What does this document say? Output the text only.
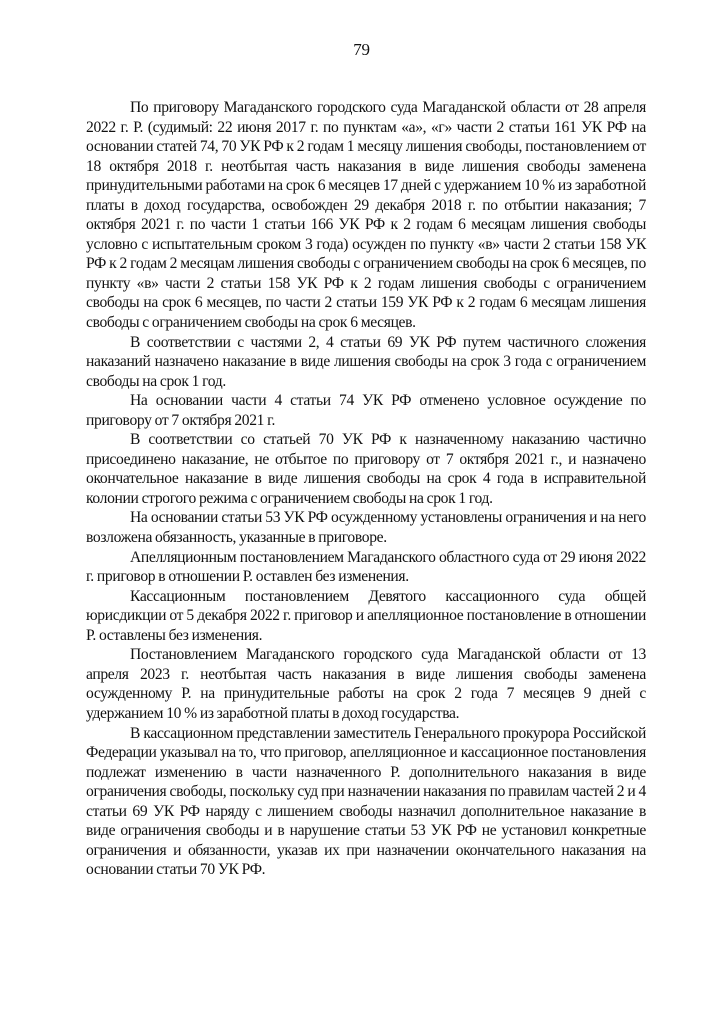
79

По приговору Магаданского городского суда Магаданской области от 28 апреля 2022 г. Р. (судимый: 22 июня 2017 г. по пунктам «а», «г» части 2 статьи 161 УК РФ на основании статей 74, 70 УК РФ к 2 годам 1 месяцу лишения свободы, постановлением от 18 октября 2018 г. неотбытая часть наказания в виде лишения свободы заменена принудительными работами на срок 6 месяцев 17 дней с удержанием 10 % из заработной платы в доход государства, освобожден 29 декабря 2018 г. по отбытии наказания; 7 октября 2021 г. по части 1 статьи 166 УК РФ к 2 годам 6 месяцам лишения свободы условно с испытательным сроком 3 года) осужден по пункту «в» части 2 статьи 158 УК РФ к 2 годам 2 месяцам лишения свободы с ограничением свободы на срок 6 месяцев, по пункту «в» части 2 статьи 158 УК РФ к 2 годам лишения свободы с ограничением свободы на срок 6 месяцев, по части 2 статьи 159 УК РФ к 2 годам 6 месяцам лишения свободы с ограничением свободы на срок 6 месяцев.

В соответствии с частями 2, 4 статьи 69 УК РФ путем частичного сложения наказаний назначено наказание в виде лишения свободы на срок 3 года с ограничением свободы на срок 1 год.

На основании части 4 статьи 74 УК РФ отменено условное осуждение по приговору от 7 октября 2021 г.

В соответствии со статьей 70 УК РФ к назначенному наказанию частично присоединено наказание, не отбытое по приговору от 7 октября 2021 г., и назначено окончательное наказание в виде лишения свободы на срок 4 года в исправительной колонии строгого режима с ограничением свободы на срок 1 год.

На основании статьи 53 УК РФ осужденному установлены ограничения и на него возложена обязанность, указанные в приговоре.

Апелляционным постановлением Магаданского областного суда от 29 июня 2022 г. приговор в отношении Р. оставлен без изменения.

Кассационным постановлением Девятого кассационного суда общей юрисдикции от 5 декабря 2022 г. приговор и апелляционное постановление в отношении Р. оставлены без изменения.

Постановлением Магаданского городского суда Магаданской области от 13 апреля 2023 г. неотбытая часть наказания в виде лишения свободы заменена осужденному Р. на принудительные работы на срок 2 года 7 месяцев 9 дней с удержанием 10 % из заработной платы в доход государства.

В кассационном представлении заместитель Генерального прокурора Российской Федерации указывал на то, что приговор, апелляционное и кассационное постановления подлежат изменению в части назначенного Р. дополнительного наказания в виде ограничения свободы, поскольку суд при назначении наказания по правилам частей 2 и 4 статьи 69 УК РФ наряду с лишением свободы назначил дополнительное наказание в виде ограничения свободы и в нарушение статьи 53 УК РФ не установил конкретные ограничения и обязанности, указав их при назначении окончательного наказания на основании статьи 70 УК РФ.
